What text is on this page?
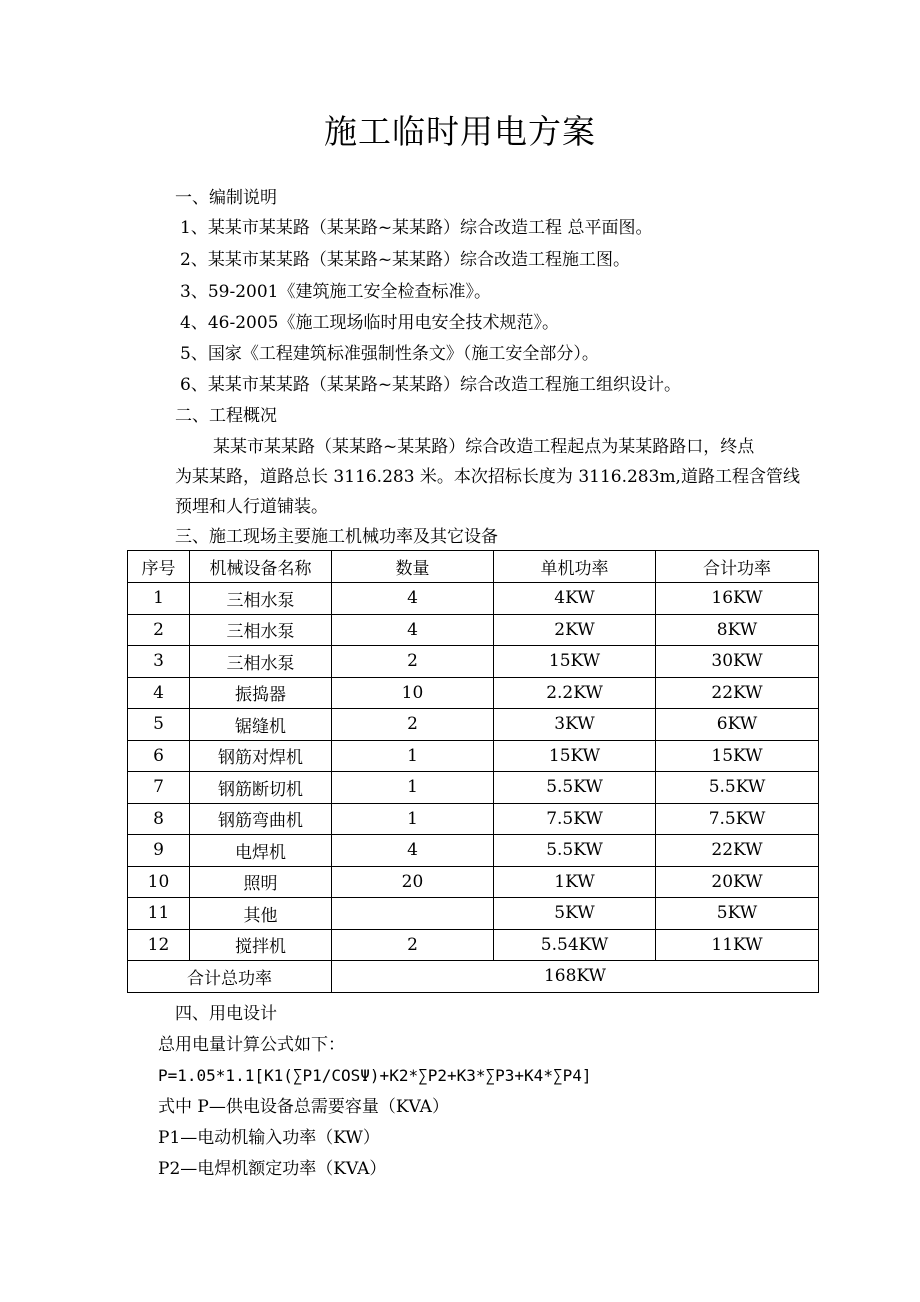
施工临时用电方案
一、编制说明
1、某某市某某路（某某路~某某路）综合改造工程 总平面图。
2、某某市某某路（某某路~某某路）综合改造工程施工图。
3、59-2001《建筑施工安全检查标准》。
4、46-2005《施工现场临时用电安全技术规范》。
5、国家《工程建筑标准强制性条文》（施工安全部分）。
6、某某市某某路（某某路~某某路）综合改造工程施工组织设计。
二、工程概况
某某市某某路（某某路~某某路）综合改造工程起点为某某路路口，终点
为某某路，道路总长 3116.283 米。本次招标长度为 3116.283m,道路工程含管线
预埋和人行道铺装。
三、施工现场主要施工机械功率及其它设备
序号	机械设备名称	数量	单机功率	合计功率
1	三相水泵	4	4KW	16KW
2	三相水泵	4	2KW	8KW
3	三相水泵	2	15KW	30KW
4	振捣器	10	2.2KW	22KW
5	锯缝机	2	3KW	6KW
6	钢筋对焊机	1	15KW	15KW
7	钢筋断切机	1	5.5KW	5.5KW
8	钢筋弯曲机	1	7.5KW	7.5KW
9	电焊机	4	5.5KW	22KW
10	照明	20	1KW	20KW
11	其他		5KW	5KW
12	搅拌机	2	5.54KW	11KW
合计总功率		168KW		
四、用电设计
总用电量计算公式如下：
P=1.05*1.1[K1(∑P1/COSΨ)+K2*∑P2+K3*∑P3+K4*∑P4]
式中 P—供电设备总需要容量（KVA）
P1—电动机输入功率（KW）
P2—电焊机额定功率（KVA）
